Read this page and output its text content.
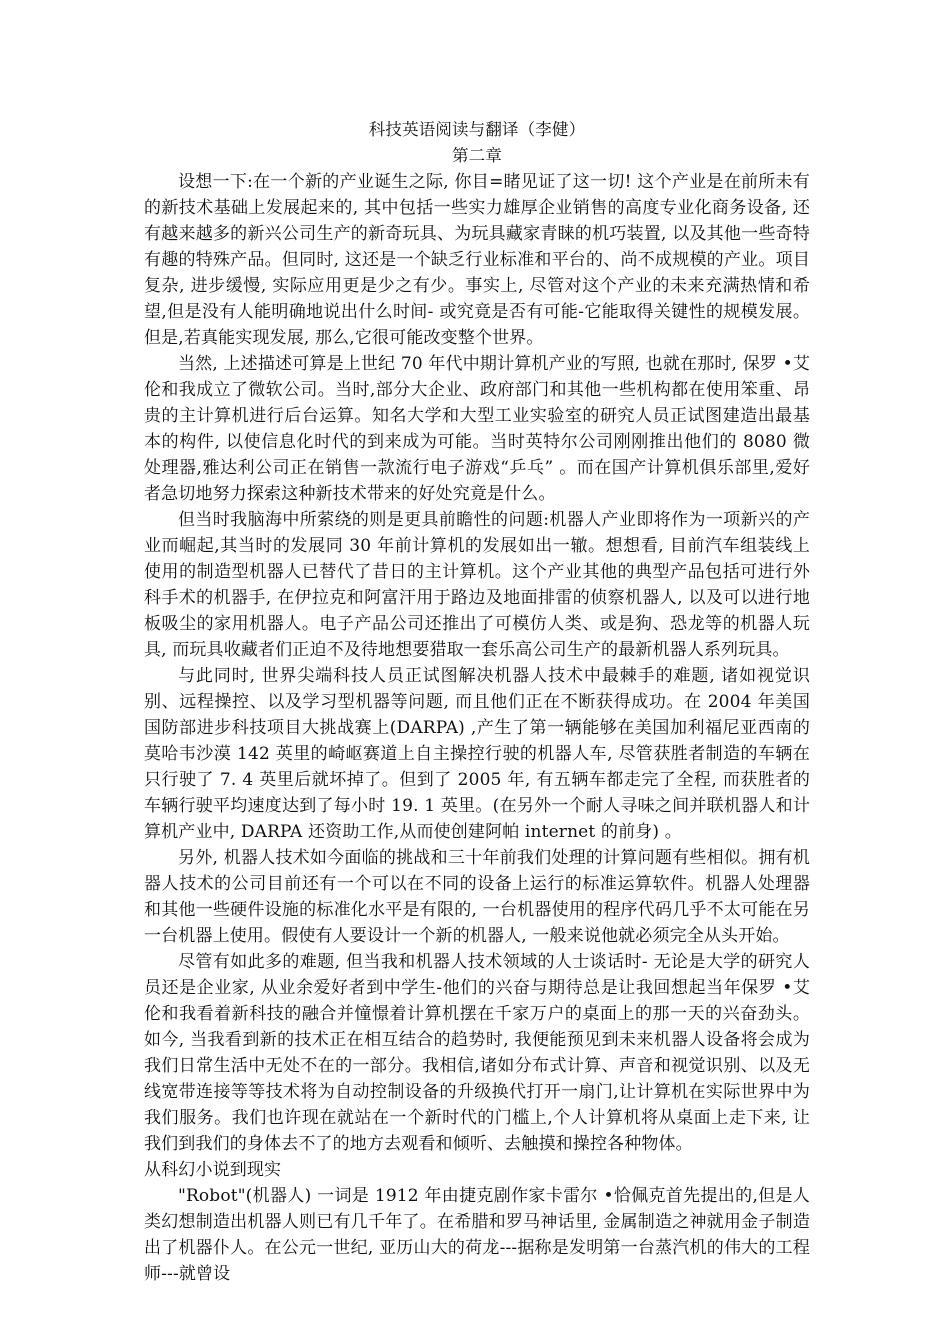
科技英语阅读与翻译（李健）
第二章

设想一下:在一个新的产业诞生之际, 你目=睹见证了这一切! 这个产业是在前所未有的新技术基础上发展起来的, 其中包括一些实力雄厚企业销售的高度专业化商务设备, 还有越来越多的新兴公司生产的新奇玩具、为玩具藏家青睐的机巧装置, 以及其他一些奇特有趣的特殊产品。但同时, 这还是一个缺乏行业标准和平台的、尚不成规模的产业。项目复杂, 进步缓慢, 实际应用更是少之有少。事实上, 尽管对这个产业的未来充满热情和希望,但是没有人能明确地说出什么时间- 或究竟是否有可能-它能取得关键性的规模发展。但是,若真能实现发展, 那么,它很可能改变整个世界。

当然, 上述描述可算是上世纪 70 年代中期计算机产业的写照, 也就在那时, 保罗 •艾伦和我成立了微软公司。当时,部分大企业、政府部门和其他一些机构都在使用笨重、昂贵的主计算机进行后台运算。知名大学和大型工业实验室的研究人员正试图建造出最基本的构件, 以使信息化时代的到来成为可能。当时英特尔公司刚刚推出他们的 8080 微处理器,雅达利公司正在销售一款流行电子游戏“乒乓” 。而在国产计算机俱乐部里,爱好者急切地努力探索这种新技术带来的好处究竟是什么。

但当时我脑海中所萦绕的则是更具前瞻性的问题:机器人产业即将作为一项新兴的产业而崛起,其当时的发展同 30 年前计算机的发展如出一辙。想想看, 目前汽车组装线上使用的制造型机器人已替代了昔日的主计算机。这个产业其他的典型产品包括可进行外科手术的机器手, 在伊拉克和阿富汗用于路边及地面排雷的侦察机器人, 以及可以进行地板吸尘的家用机器人。电子产品公司还推出了可模仿人类、或是狗、恐龙等的机器人玩具, 而玩具收藏者们正迫不及待地想要猎取一套乐高公司生产的最新机器人系列玩具。

与此同时, 世界尖端科技人员正试图解决机器人技术中最棘手的难题, 诸如视觉识别、远程操控、以及学习型机器等问题, 而且他们正在不断获得成功。在 2004 年美国国防部进步科技项目大挑战赛上(DARPA) ,产生了第一辆能够在美国加利福尼亚西南的莫哈韦沙漠 142 英里的崎岖赛道上自主操控行驶的机器人车, 尽管获胜者制造的车辆在只行驶了 7. 4 英里后就坏掉了。但到了 2005 年, 有五辆车都走完了全程, 而获胜者的车辆行驶平均速度达到了每小时 19. 1 英里。(在另外一个耐人寻味之间并联机器人和计算机产业中, DARPA 还资助工作,从而使创建阿帕 internet 的前身) 。

另外, 机器人技术如今面临的挑战和三十年前我们处理的计算问题有些相似。拥有机器人技术的公司目前还有一个可以在不同的设备上运行的标准运算软件。机器人处理器和其他一些硬件设施的标准化水平是有限的, 一台机器使用的程序代码几乎不太可能在另一台机器上使用。假使有人要设计一个新的机器人, 一般来说他就必须完全从头开始。

尽管有如此多的难题, 但当我和机器人技术领域的人士谈话时- 无论是大学的研究人员还是企业家, 从业余爱好者到中学生-他们的兴奋与期待总是让我回想起当年保罗 •艾伦和我看着新科技的融合并憧憬着计算机摆在千家万户的桌面上的那一天的兴奋劲头。如今, 当我看到新的技术正在相互结合的趋势时, 我便能预见到未来机器人设备将会成为我们日常生活中无处不在的一部分。我相信,诸如分布式计算、声音和视觉识别、以及无线宽带连接等等技术将为自动控制设备的升级换代打开一扇门,让计算机在实际世界中为我们服务。我们也许现在就站在一个新时代的门槛上,个人计算机将从桌面上走下来, 让我们到我们的身体去不了的地方去观看和倾听、去触摸和操控各种物体。

从科幻小说到现实

"Robot"(机器人) 一词是 1912 年由捷克剧作家卡雷尔 •恰佩克首先提出的,但是人类幻想制造出机器人则已有几千年了。在希腊和罗马神话里, 金属制造之神就用金子制造出了机器仆人。在公元一世纪, 亚历山大的荷龙---据称是发明第一台蒸汽机的伟大的工程师---就曾设
